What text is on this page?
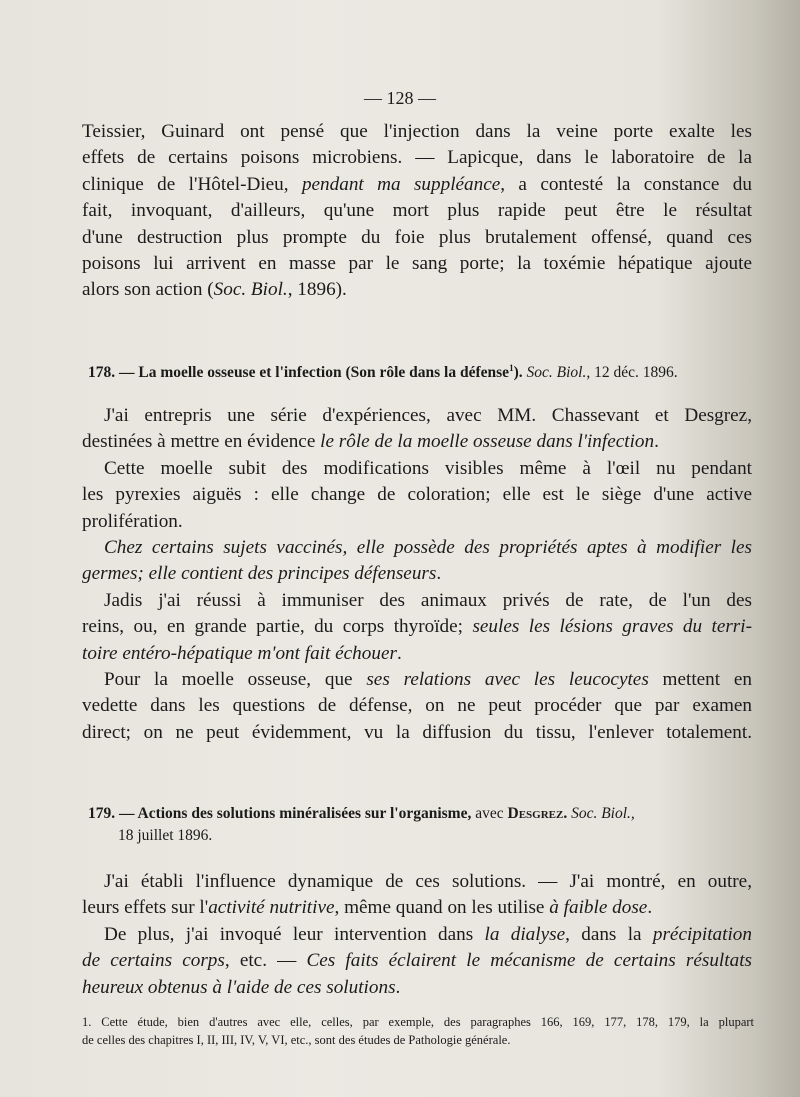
— 128 —

Teissier, Guinard ont pensé que l'injection dans la veine porte exalte les

effets de certains poisons microbiens. — Lapicque, dans le laboratoire de la

clinique de l'Hôtel-Dieu, pendant ma suppléance, a contesté la constance du

fait, invoquant, d'ailleurs, qu'une mort plus rapide peut être le résultat

d'une destruction plus prompte du foie plus brutalement offensé, quand ces

poisons lui arrivent en masse par le sang porte; la toxémie hépatique ajoute

alors son action (Soc. Biol., 1896).

178. — La moelle osseuse et l'infection (Son rôle dans la défense$^1$). Soc. Biol., 12 déc. 1896.

J'ai entrepris une série d'expériences, avec MM. Chassevant et Desgrez,

destinées à mettre en évidence le rôle de la moelle osseuse dans l'infection.

Cette moelle subit des modifications visibles même à l'œil nu pendant

les pyrexies aiguës : elle change de coloration; elle est le siège d'une active

prolifération.

Chez certains sujets vaccinés, elle possède des propriétés aptes à modifier les

germes; elle contient des principes défenseurs.

Jadis j'ai réussi à immuniser des animaux privés de rate, de l'un des

reins, ou, en grande partie, du corps thyroïde; seules les lésions graves du terri-

toire entéro-hépatique m'ont fait échouer.

Pour la moelle osseuse, que ses relations avec les leucocytes mettent en

vedette dans les questions de défense, on ne peut procéder que par examen

direct; on ne peut évidemment, vu la diffusion du tissu, l'enlever totalement.

179. — Actions des solutions minéralisées sur l'organisme, avec Desgrez. Soc. Biol.,
18 juillet 1896.

J'ai établi l'influence dynamique de ces solutions. — J'ai montré, en outre,

leurs effets sur l'activité nutritive, même quand on les utilise à faible dose.

De plus, j'ai invoqué leur intervention dans la dialyse, dans la précipitation

de certains corps, etc. — Ces faits éclairent le mécanisme de certains résultats

heureux obtenus à l'aide de ces solutions.

1. Cette étude, bien d'autres avec elle, celles, par exemple, des paragraphes 166, 169, 177, 178, 179, la plupart

de celles des chapitres I, II, III, IV, V, VI, etc., sont des études de Pathologie générale.
